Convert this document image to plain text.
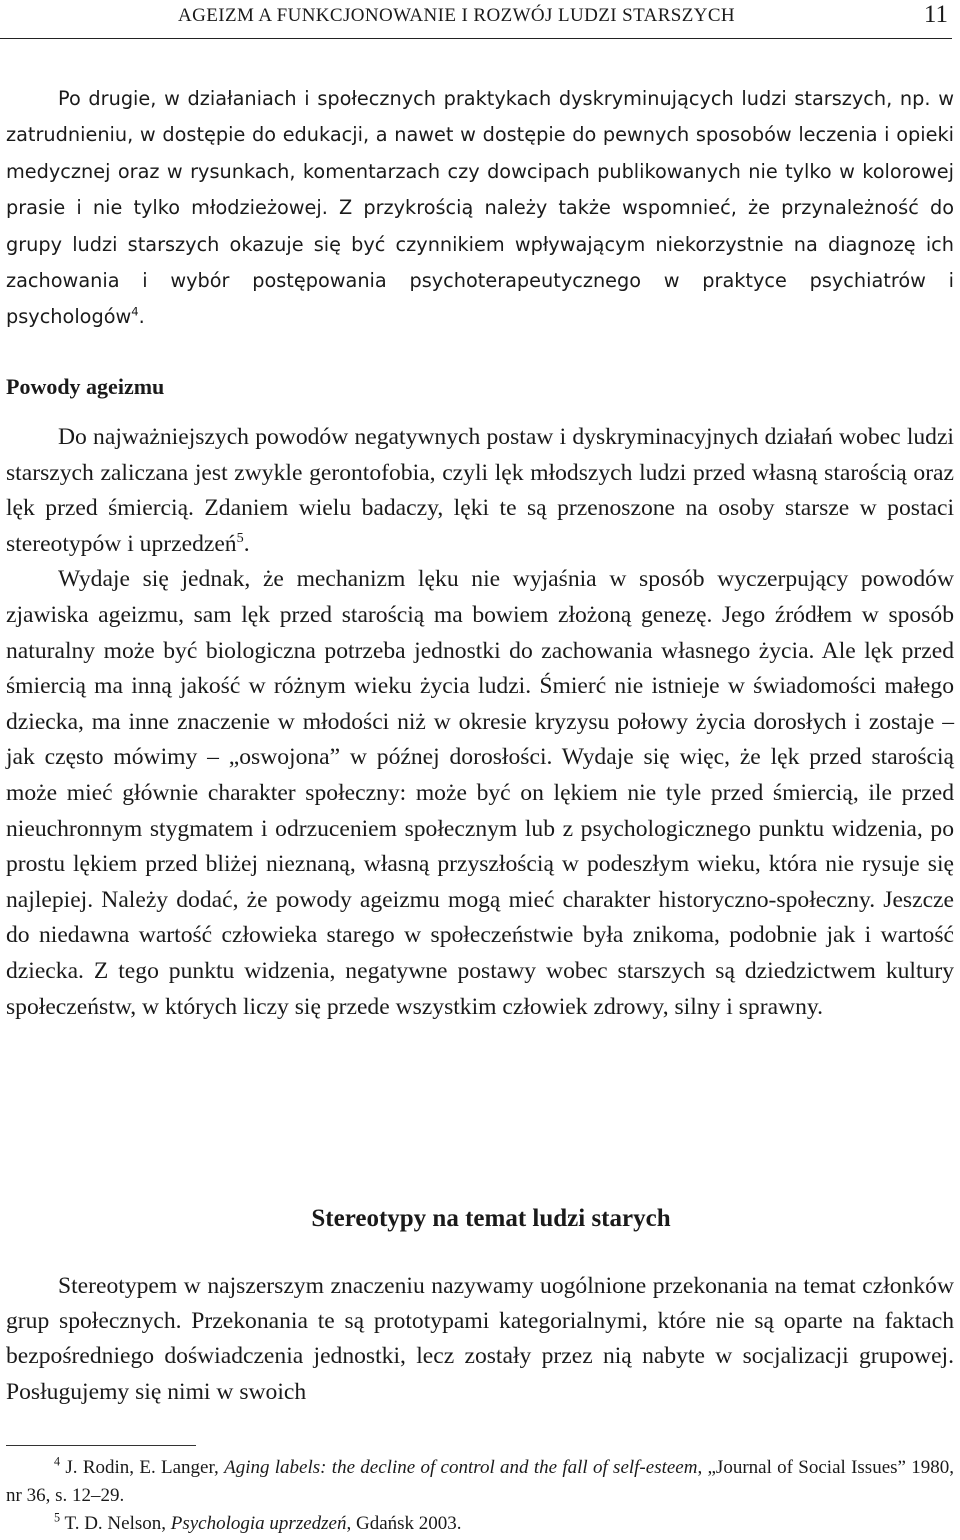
AGEIZM A FUNKCJONOWANIE I ROZWÓJ LUDZI STARSZYCH	11

Po drugie, w działaniach i społecznych praktykach dyskryminujących ludzi starszych, np. w zatrudnieniu, w dostępie do edukacji, a nawet w dostępie do pewnych sposobów leczenia i opieki medycznej oraz w rysunkach, komentarzach czy dowcipach publikowanych nie tylko w kolorowej prasie i nie tylko młodzieżowej. Z przykrością należy także wspomnieć, że przynależność do grupy ludzi starszych okazuje się być czynnikiem wpływającym niekorzystnie na diagnozę ich zachowania i wybór postępowania psychoterapeutycznego w praktyce psychiatrów i psychologów$^4$.

Powody ageizmu

Do najważniejszych powodów negatywnych postaw i dyskryminacyjnych działań wobec ludzi starszych zaliczana jest zwykle gerontofobia, czyli lęk młodszych ludzi przed własną starością oraz lęk przed śmiercią. Zdaniem wielu badaczy, lęki te są przenoszone na osoby starsze w postaci stereotypów i uprzedzeń$^5$.

Wydaje się jednak, że mechanizm lęku nie wyjaśnia w sposób wyczerpujący powodów zjawiska ageizmu, sam lęk przed starością ma bowiem złożoną genezę. Jego źródłem w sposób naturalny może być biologiczna potrzeba jednostki do zachowania własnego życia. Ale lęk przed śmiercią ma inną jakość w różnym wieku życia ludzi. Śmierć nie istnieje w świadomości małego dziecka, ma inne znaczenie w młodości niż w okresie kryzysu połowy życia dorosłych i zostaje – jak często mówimy – „oswojona” w późnej dorosłości. Wydaje się więc, że lęk przed starością może mieć głównie charakter społeczny: może być on lękiem nie tyle przed śmiercią, ile przed nieuchronnym stygmatem i odrzuceniem społecznym lub z psychologicznego punktu widzenia, po prostu lękiem przed bliżej nieznaną, własną przyszłością w podeszłym wieku, która nie rysuje się najlepiej. Należy dodać, że powody ageizmu mogą mieć charakter historyczno-społeczny. Jeszcze do niedawna wartość człowieka starego w społeczeństwie była znikoma, podobnie jak i wartość dziecka. Z tego punktu widzenia, negatywne postawy wobec starszych są dziedzictwem kultury społeczeństw, w których liczy się przede wszystkim człowiek zdrowy, silny i sprawny.

Stereotypy na temat ludzi starych

Stereotypem w najszerszym znaczeniu nazywamy uogólnione przekonania na temat członków grup społecznych. Przekonania te są prototypami kategorialnymi, które nie są oparte na faktach bezpośredniego doświadczenia jednostki, lecz zostały przez nią nabyte w socjalizacji grupowej. Posługujemy się nimi w swoich

$^4$ J. Rodin, E. Langer, Aging labels: the decline of control and the fall of self-esteem, „Journal of Social Issues” 1980, nr 36, s. 12–29.

$^5$ T. D. Nelson, Psychologia uprzedzeń, Gdańsk 2003.
